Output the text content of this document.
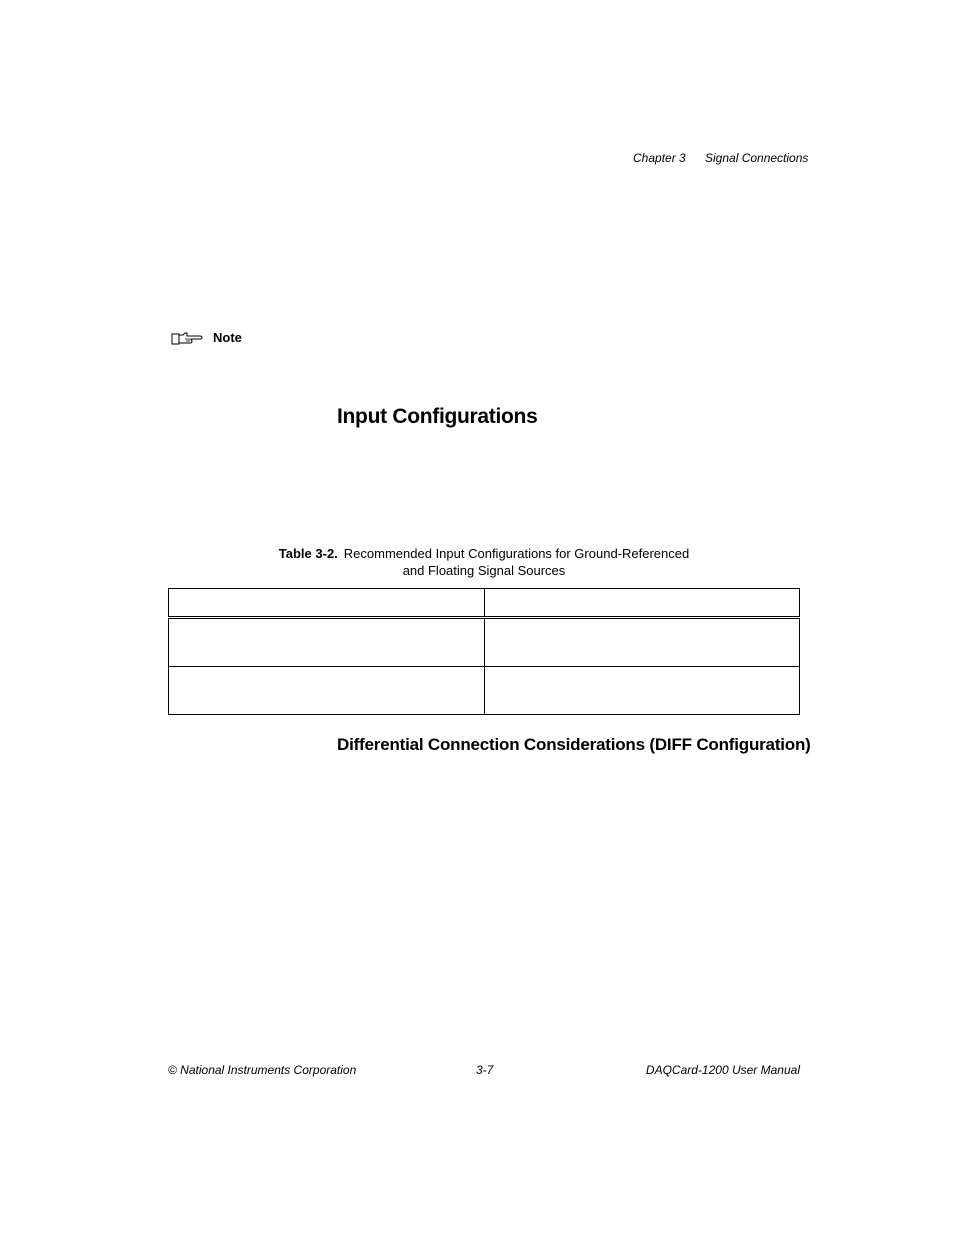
Chapter 3 Signal Connections
Note
Input Configurations
Table 3-2. Recommended Input Configurations for Ground-Referenced
and Floating Signal Sources

Differential Connection Considerations (DIFF Configuration)
© National Instruments Corporation	3-7	DAQCard-1200 User Manual
